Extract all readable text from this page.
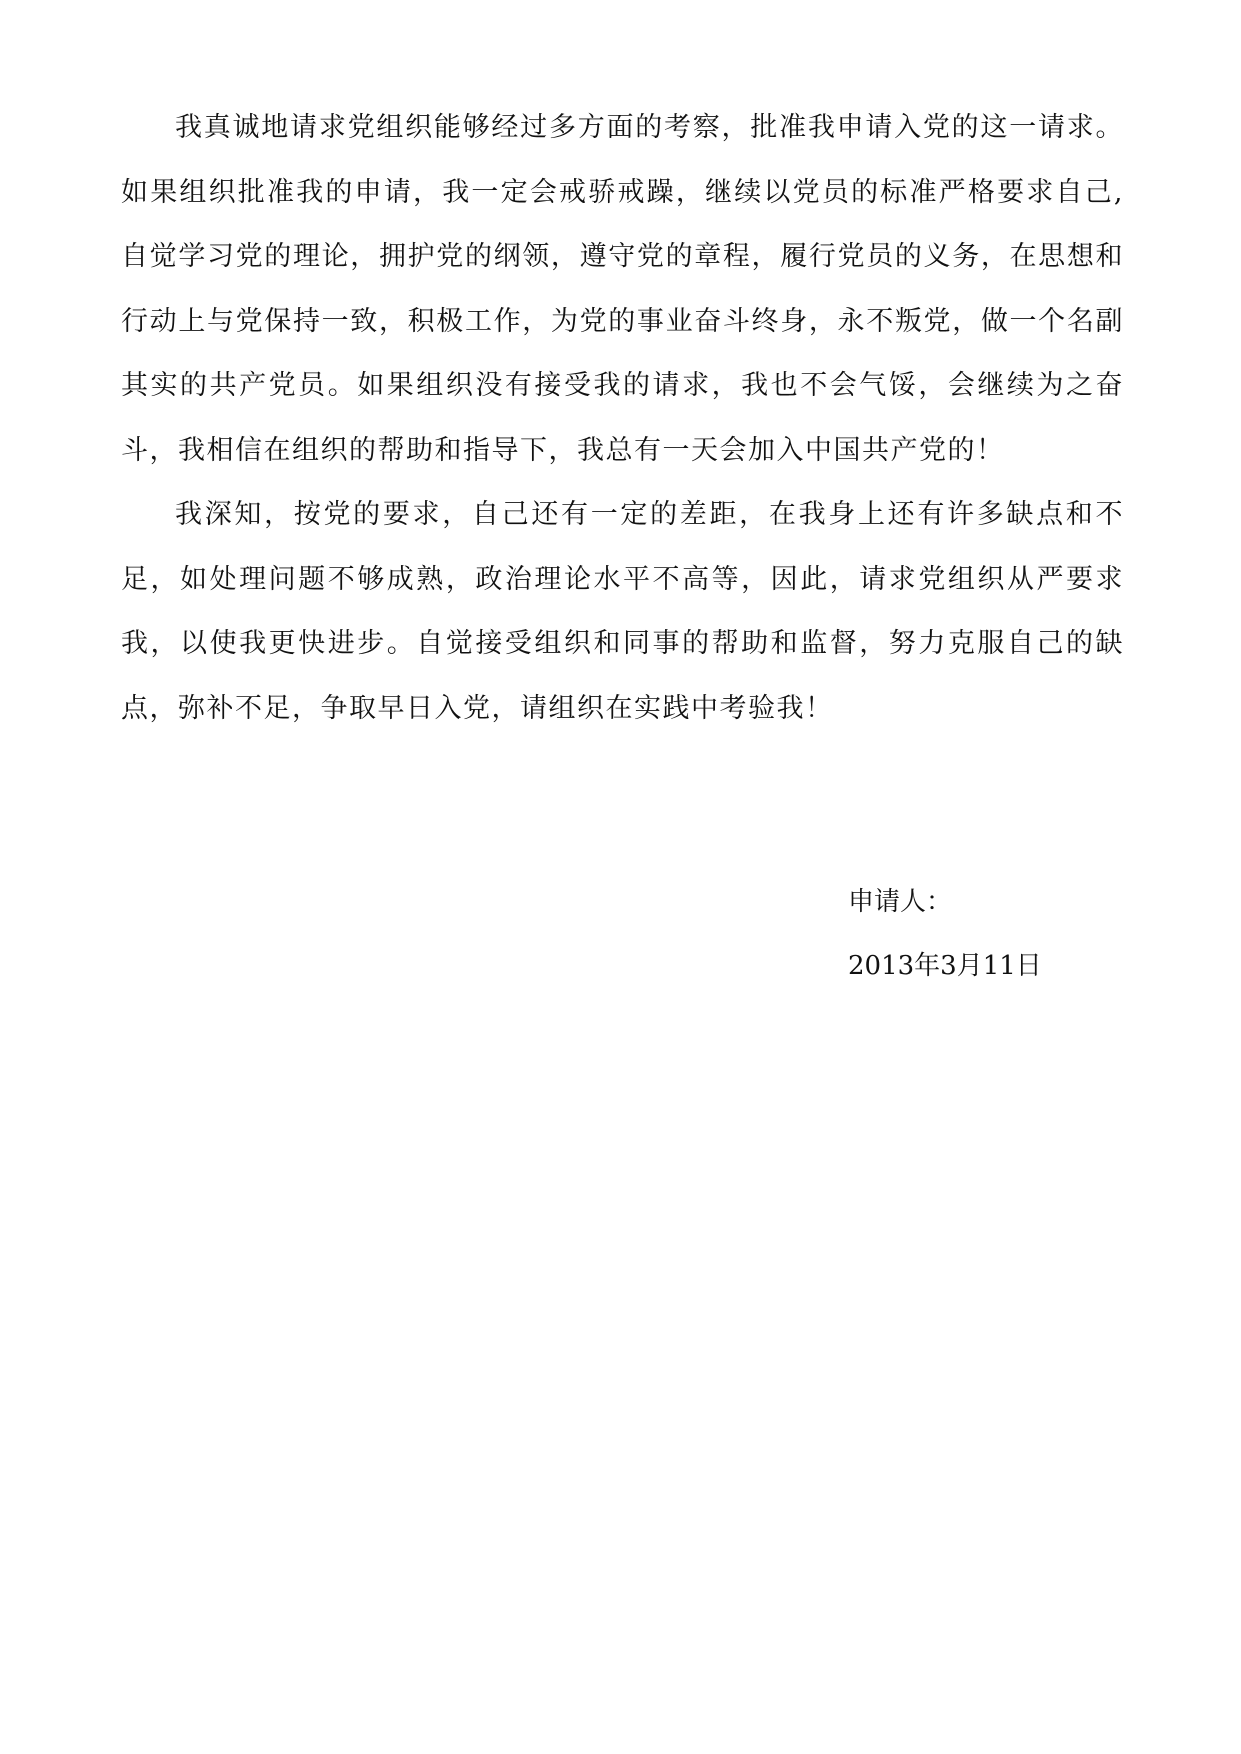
我真诚地请求党组织能够经过多方面的考察，批准我申请入党的这一请求。如果组织批准我的申请，我一定会戒骄戒躁，继续以党员的标准严格要求自己,自觉学习党的理论，拥护党的纲领，遵守党的章程，履行党员的义务，在思想和行动上与党保持一致，积极工作，为党的事业奋斗终身，永不叛党，做一个名副其实的共产党员。如果组织没有接受我的请求，我也不会气馁，会继续为之奋斗，我相信在组织的帮助和指导下，我总有一天会加入中国共产党的！

我深知，按党的要求，自己还有一定的差距，在我身上还有许多缺点和不足，如处理问题不够成熟，政治理论水平不高等，因此，请求党组织从严要求我，以使我更快进步。自觉接受组织和同事的帮助和监督，努力克服自己的缺点，弥补不足，争取早日入党，请组织在实践中考验我！

申请人：
2013年3月11日
